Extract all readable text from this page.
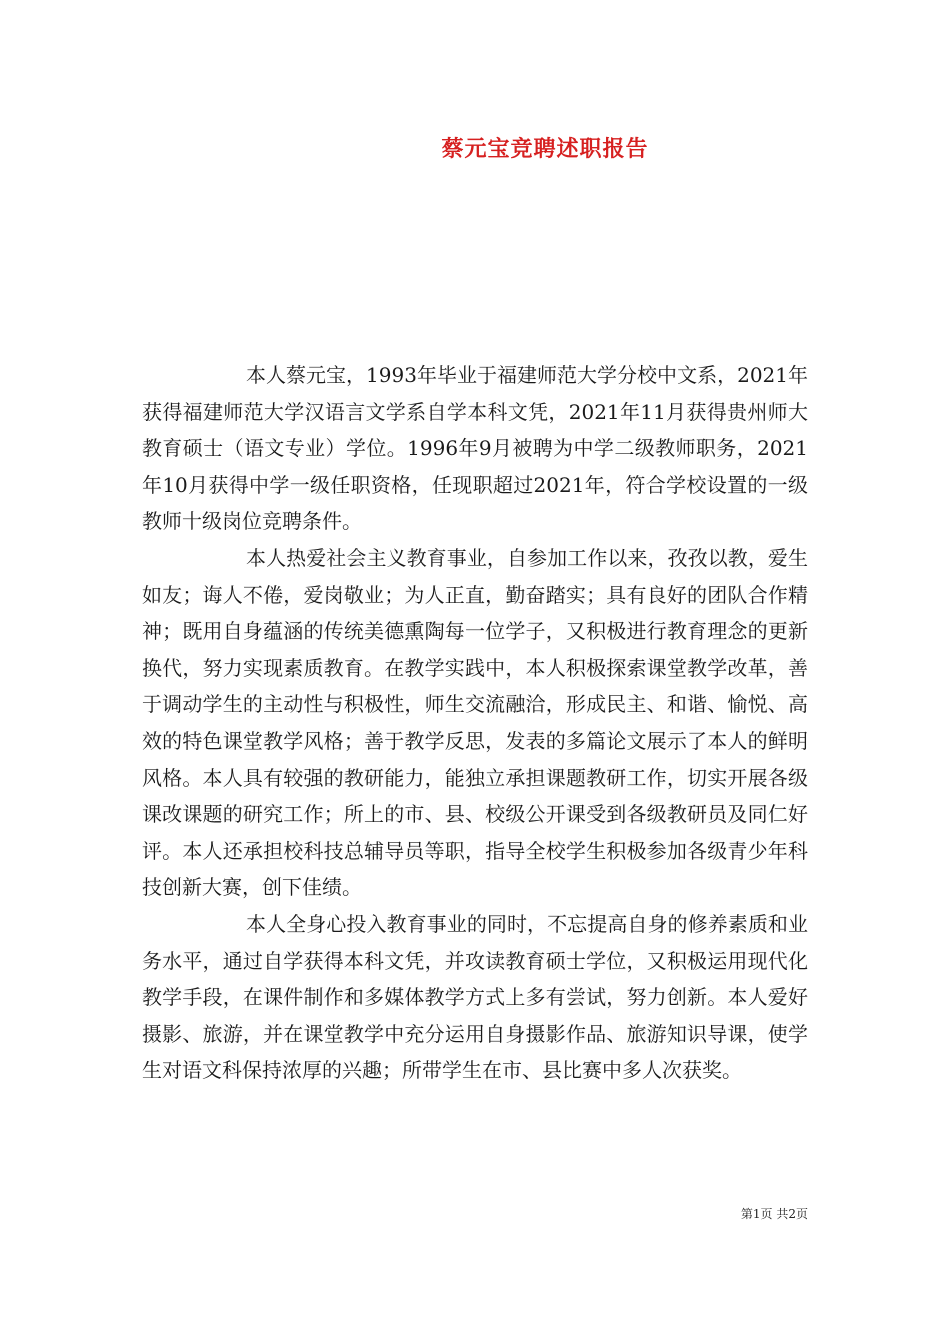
蔡元宝竞聘述职报告

本人蔡元宝，1993年毕业于福建师范大学分校中文系，2021年获得福建师范大学汉语言文学系自学本科文凭，2021年11月获得贵州师大教育硕士（语文专业）学位。1996年9月被聘为中学二级教师职务，2021年10月获得中学一级任职资格，任现职超过2021年，符合学校设置的一级教师十级岗位竞聘条件。

本人热爱社会主义教育事业，自参加工作以来，孜孜以教，爱生如友；诲人不倦，爱岗敬业；为人正直，勤奋踏实；具有良好的团队合作精神；既用自身蕴涵的传统美德熏陶每一位学子，又积极进行教育理念的更新换代，努力实现素质教育。在教学实践中，本人积极探索课堂教学改革，善于调动学生的主动性与积极性，师生交流融洽，形成民主、和谐、愉悦、高效的特色课堂教学风格；善于教学反思，发表的多篇论文展示了本人的鲜明风格。本人具有较强的教研能力，能独立承担课题教研工作，切实开展各级课改课题的研究工作；所上的市、县、校级公开课受到各级教研员及同仁好评。本人还承担校科技总辅导员等职，指导全校学生积极参加各级青少年科技创新大赛，创下佳绩。

本人全身心投入教育事业的同时，不忘提高自身的修养素质和业务水平，通过自学获得本科文凭，并攻读教育硕士学位，又积极运用现代化教学手段，在课件制作和多媒体教学方式上多有尝试，努力创新。本人爱好摄影、旅游，并在课堂教学中充分运用自身摄影作品、旅游知识导课，使学生对语文科保持浓厚的兴趣；所带学生在市、县比赛中多人次获奖。

第1页 共2页
